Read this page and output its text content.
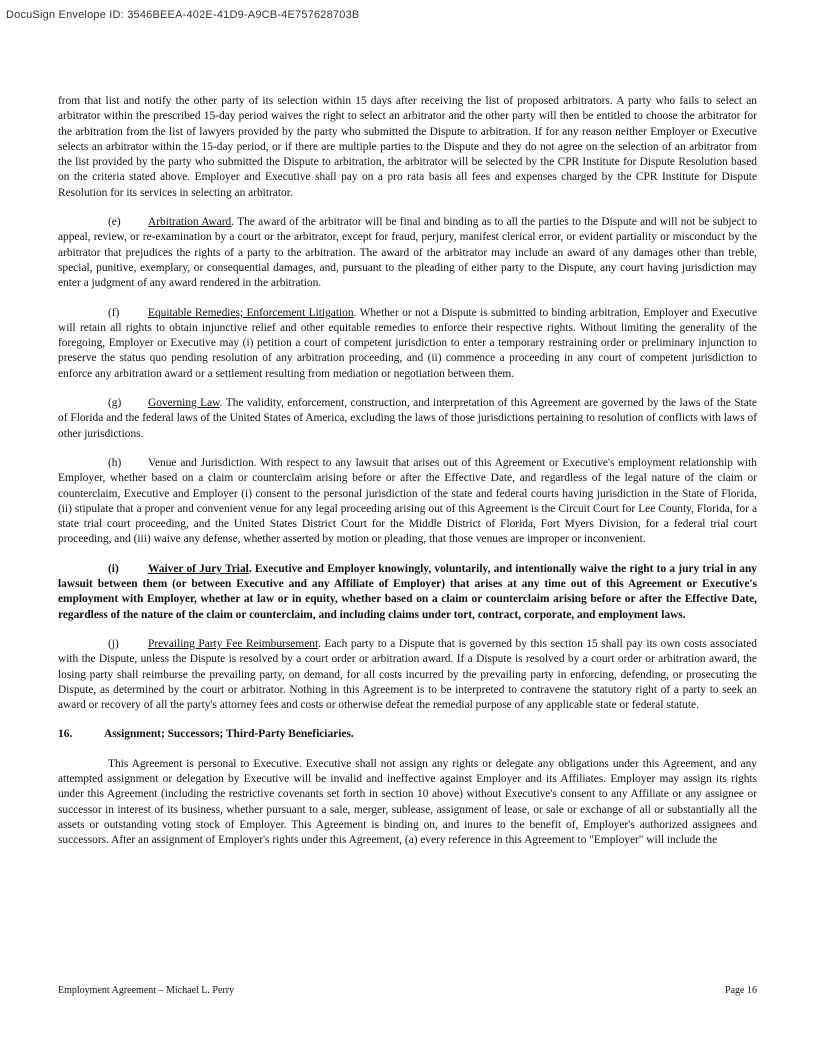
DocuSign Envelope ID: 3546BEEA-402E-41D9-A9CB-4E757628703B

from that list and notify the other party of its selection within 15 days after receiving the list of proposed arbitrators. A party who fails to select an arbitrator within the prescribed 15-day period waives the right to select an arbitrator and the other party will then be entitled to choose the arbitrator for the arbitration from the list of lawyers provided by the party who submitted the Dispute to arbitration. If for any reason neither Employer or Executive selects an arbitrator within the 15-day period, or if there are multiple parties to the Dispute and they do not agree on the selection of an arbitrator from the list provided by the party who submitted the Dispute to arbitration, the arbitrator will be selected by the CPR Institute for Dispute Resolution based on the criteria stated above. Employer and Executive shall pay on a pro rata basis all fees and expenses charged by the CPR Institute for Dispute Resolution for its services in selecting an arbitrator.

(e) Arbitration Award. The award of the arbitrator will be final and binding as to all the parties to the Dispute and will not be subject to appeal, review, or re-examination by a court or the arbitrator, except for fraud, perjury, manifest clerical error, or evident partiality or misconduct by the arbitrator that prejudices the rights of a party to the arbitration. The award of the arbitrator may include an award of any damages other than treble, special, punitive, exemplary, or consequential damages, and, pursuant to the pleading of either party to the Dispute, any court having jurisdiction may enter a judgment of any award rendered in the arbitration.

(f)	Equitable Remedies; Enforcement Litigation. Whether or not a Dispute is submitted to binding arbitration, Employer and Executive will retain all rights to obtain injunctive relief and other equitable remedies to enforce their respective rights. Without limiting the generality of the foregoing, Employer or Executive may (i) petition a court of competent jurisdiction to enter a temporary restraining order or preliminary injunction to preserve the status quo pending resolution of any arbitration proceeding, and (ii) commence a proceeding in any court of competent jurisdiction to enforce any arbitration award or a settlement resulting from mediation or negotiation between them.

(g) Governing Law. The validity, enforcement, construction, and interpretation of this Agreement are governed by the laws of the State of Florida and the federal laws of the United States of America, excluding the laws of those jurisdictions pertaining to resolution of conflicts with laws of other jurisdictions.

(h) Venue and Jurisdiction. With respect to any lawsuit that arises out of this Agreement or Executive's employment relationship with Employer, whether based on a claim or counterclaim arising before or after the Effective Date, and regardless of the legal nature of the claim or counterclaim, Executive and Employer (i) consent to the personal jurisdiction of the state and federal courts having jurisdiction in the State of Florida, (ii) stipulate that a proper and convenient venue for any legal proceeding arising out of this Agreement is the Circuit Court for Lee County, Florida, for a state trial court proceeding, and the United States District Court for the Middle District of Florida, Fort Myers Division, for a federal trial court proceeding, and (iii) waive any defense, whether asserted by motion or pleading, that those venues are improper or inconvenient.

(i)	Waiver of Jury Trial. Executive and Employer knowingly, voluntarily, and intentionally waive the right to a jury trial in any lawsuit between them (or between Executive and any Affiliate of Employer) that arises at any time out of this Agreement or Executive's employment with Employer, whether at law or in equity, whether based on a claim or counterclaim arising before or after the Effective Date, regardless of the nature of the claim or counterclaim, and including claims under tort, contract, corporate, and employment laws.

(j)	Prevailing Party Fee Reimbursement. Each party to a Dispute that is governed by this section 15 shall pay its own costs associated with the Dispute, unless the Dispute is resolved by a court order or arbitration award. If a Dispute is resolved by a court order or arbitration award, the losing party shall reimburse the prevailing party, on demand, for all costs incurred by the prevailing party in enforcing, defending, or prosecuting the Dispute, as determined by the court or arbitrator. Nothing in this Agreement is to be interpreted to contravene the statutory right of a party to seek an award or recovery of all the party's attorney fees and costs or otherwise defeat the remedial purpose of any applicable state or federal statute.

16.	Assignment; Successors; Third-Party Beneficiaries.

This Agreement is personal to Executive. Executive shall not assign any rights or delegate any obligations under this Agreement, and any attempted assignment or delegation by Executive will be invalid and ineffective against Employer and its Affiliates. Employer may assign its rights under this Agreement (including the restrictive covenants set forth in section 10 above) without Executive's consent to any Affiliate or any assignee or successor in interest of its business, whether pursuant to a sale, merger, sublease, assignment of lease, or sale or exchange of all or substantially all the assets or outstanding voting stock of Employer. This Agreement is binding on, and inures to the benefit of, Employer's authorized assignees and successors. After an assignment of Employer's rights under this Agreement, (a) every reference in this Agreement to "Employer" will include the

Employment Agreement – Michael L. Perry	Page 16
